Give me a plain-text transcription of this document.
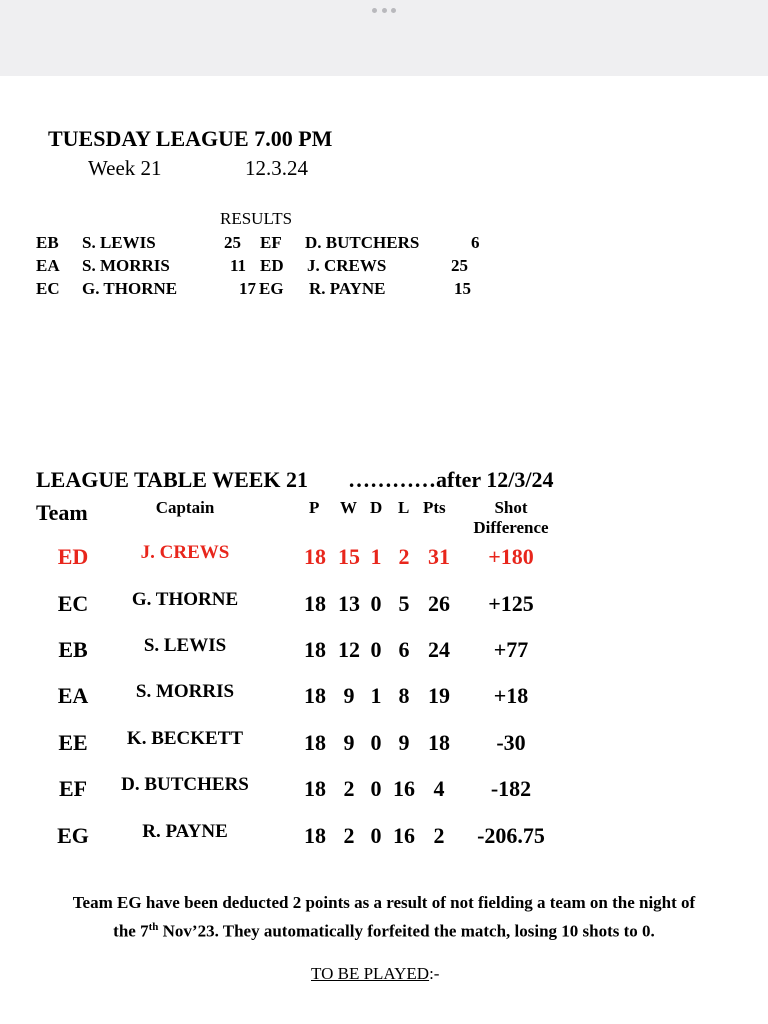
TUESDAY LEAGUE 7.00 PM
Week 21	12.3.24
RESULTS
EB S. LEWIS	25 EF D. BUTCHERS	6
EA S. MORRIS	11 ED J. CREWS	25
EC G. THORNE	17 EG R. PAYNE	15
LEAGUE TABLE WEEK 21 …………after 12/3/24
Team	Captain	P W D L Pts	Shot
Difference
ED	J. CREWS	18 15 1 2 31	+180
EC	G. THORNE	18 13 0 5 26	+125
EB	S. LEWIS	18 12 0 6 24	+77
EA	S. MORRIS	18 9 1 8 19	+18
EE	K. BECKETT	18 9 0 9 18	-30
EF	D. BUTCHERS	18 2 0 16 4	-182
EG	R. PAYNE	18 2 0 16 2	-206.75
Team EG have been deducted 2 points as a result of not fielding a team on the night of
the 7th Nov’23. They automatically forfeited the match, losing 10 shots to 0.
TO BE PLAYED:-
